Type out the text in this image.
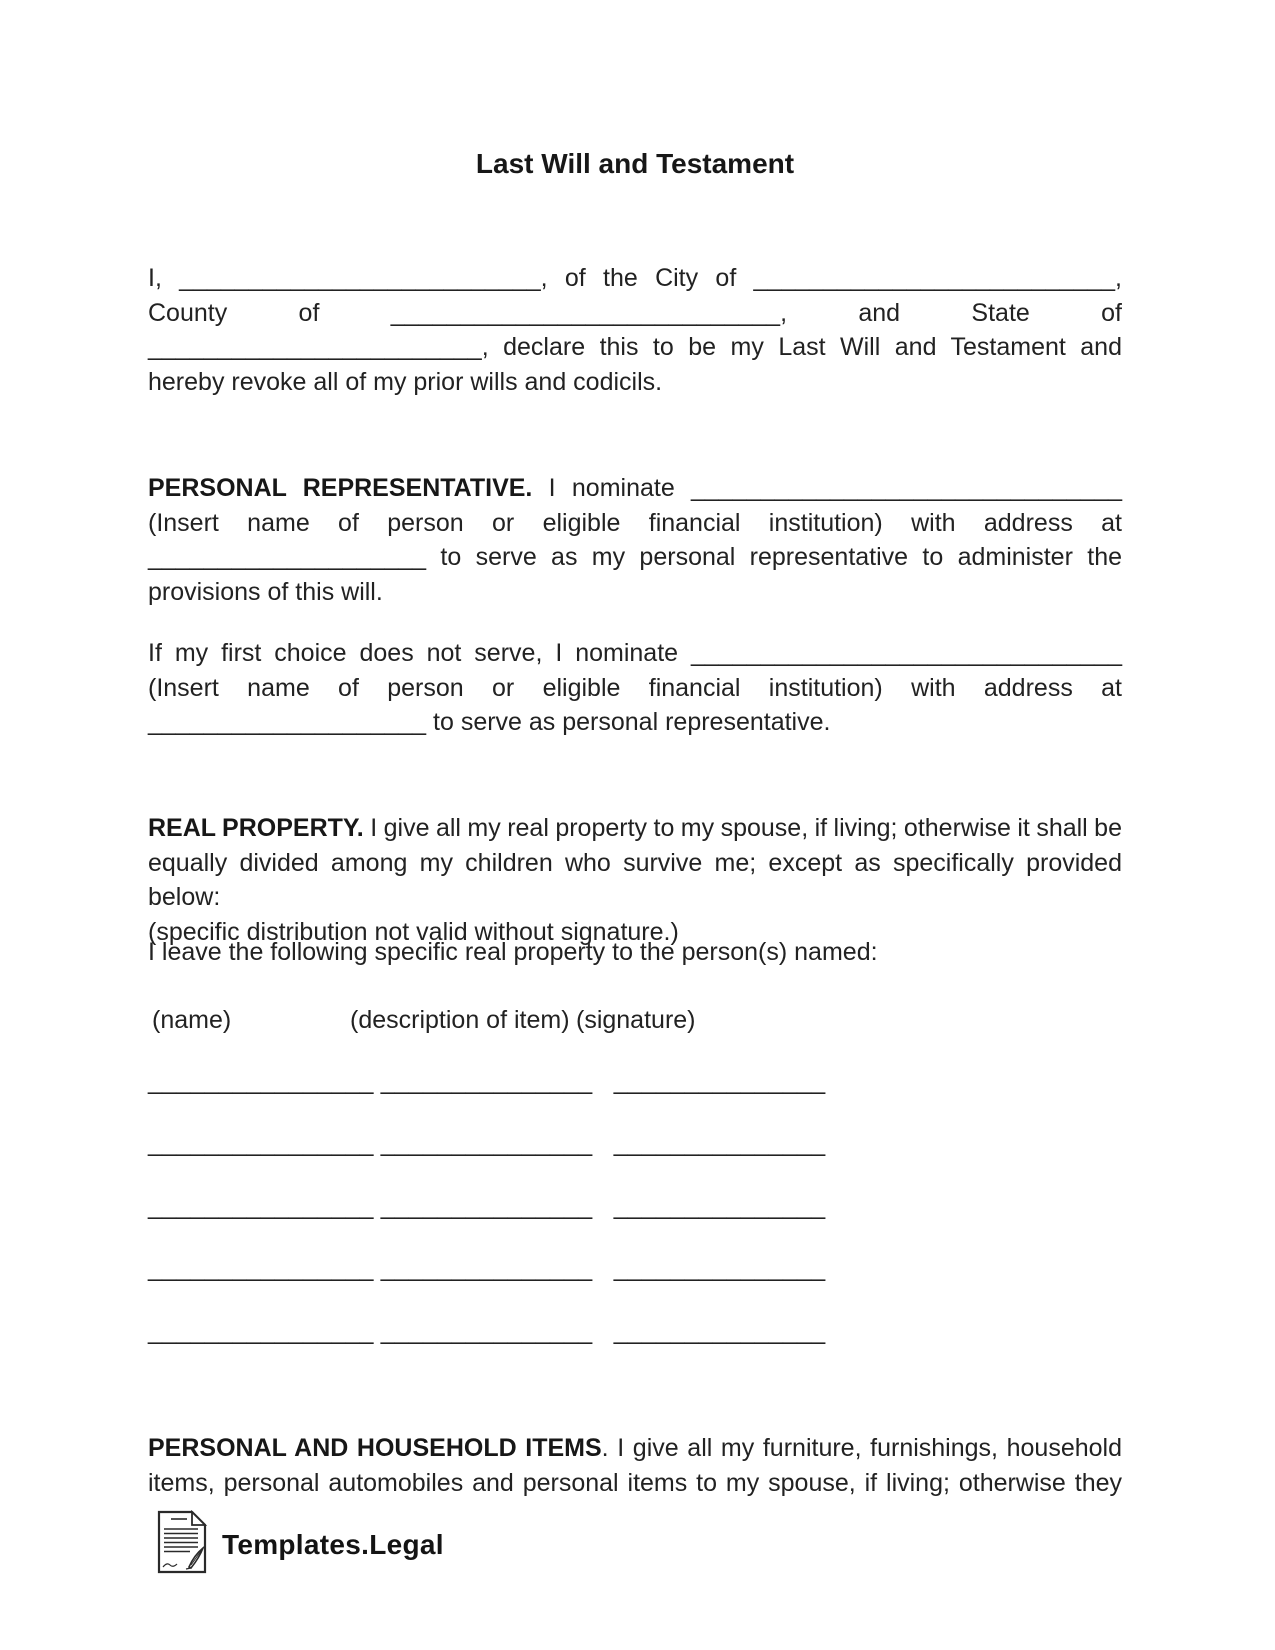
Last Will and Testament
I, __________________________, of the City of __________________________,
County of ____________________________, and State of
________________________, declare this to be my Last Will and Testament and
hereby revoke all of my prior wills and codicils.
PERSONAL REPRESENTATIVE. I nominate _______________________________
(Insert name of person or eligible financial institution) with address at
____________________ to serve as my personal representative to administer the
provisions of this will.
If my first choice does not serve, I nominate _______________________________
(Insert name of person or eligible financial institution) with address at
____________________ to serve as personal representative.
REAL PROPERTY. I give all my real property to my spouse, if living; otherwise it shall be
equally divided among my children who survive me; except as specifically provided below:
(specific distribution not valid without signature.)
I leave the following specific real property to the person(s) named:
(name)	(description of item) (signature)
________________ _______________   _______________
________________ _______________   _______________
________________ _______________   _______________
________________ _______________   _______________
________________ _______________   _______________
PERSONAL AND HOUSEHOLD ITEMS. I give all my furniture, furnishings, household
items, personal automobiles and personal items to my spouse, if living; otherwise they
Templates.Legal
